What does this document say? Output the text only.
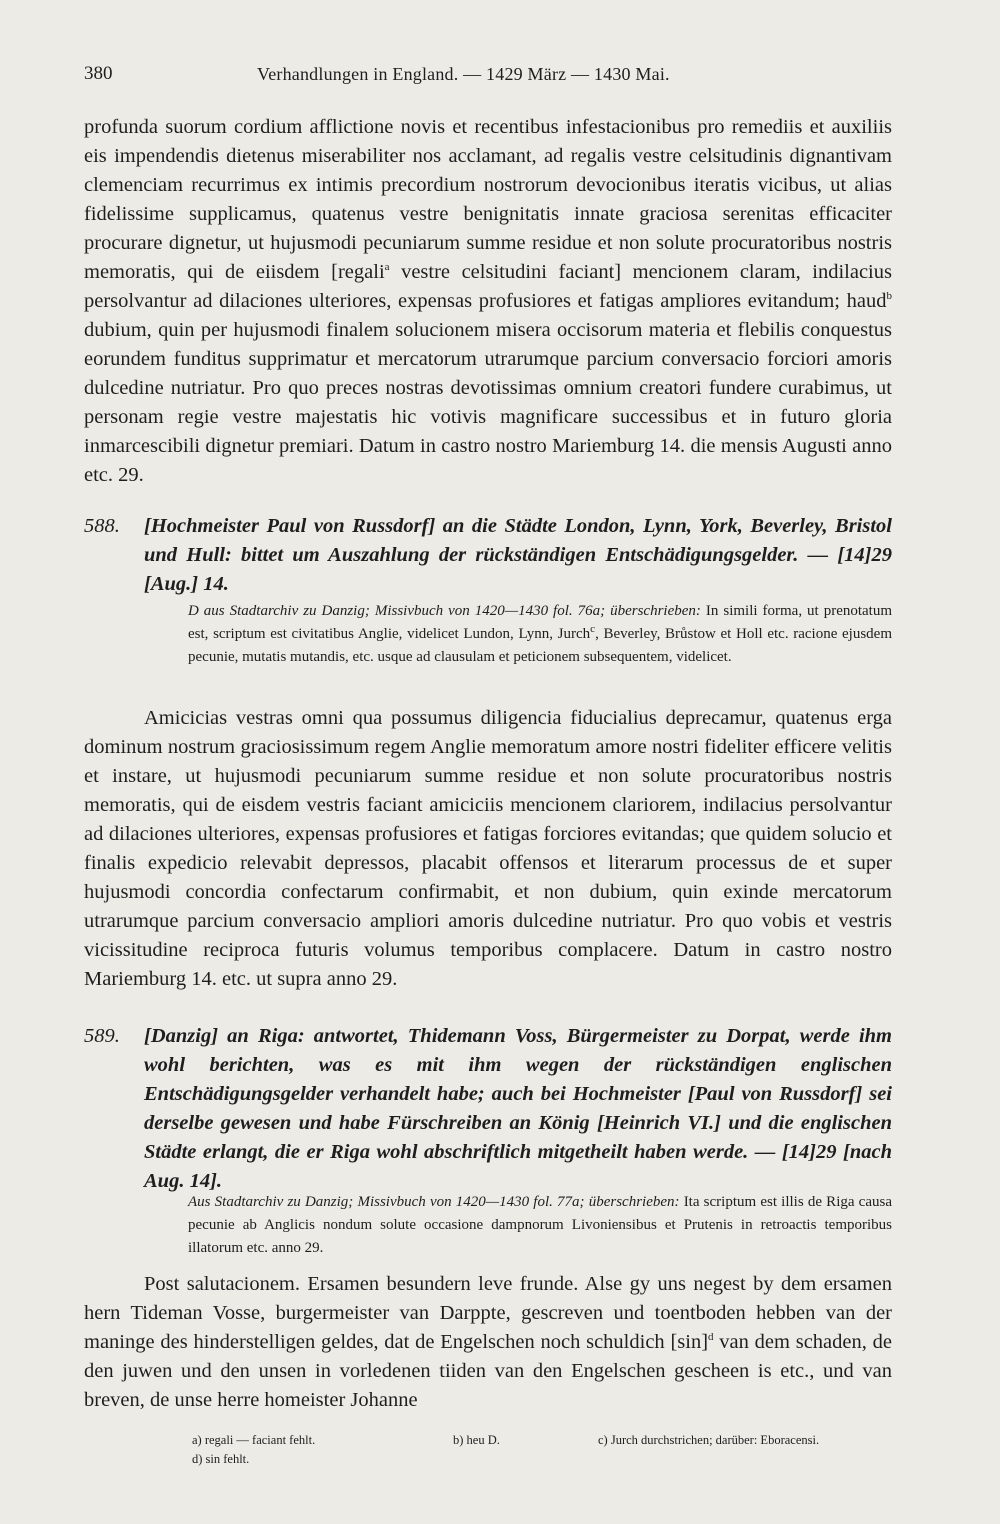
380	Verhandlungen in England. — 1429 März — 1430 Mai.

profunda suorum cordium afflictione novis et recentibus infestacionibus pro remediis et auxiliis eis impendendis dietenus miserabiliter nos acclamant, ad regalis vestre celsitudinis dignantivam clemenciam recurrimus ex intimis precordium nostrorum devocionibus iteratis vicibus, ut alias fidelissime supplicamus, quatenus vestre benignitatis innate graciosa serenitas efficaciter procurare dignetur, ut hujusmodi pecuniarum summe residue et non solute procuratoribus nostris memoratis, qui de eiisdem [regali$^a$ vestre celsitudini faciant] mencionem claram, indilacius persolvantur ad dilaciones ulteriores, expensas profusiores et fatigas ampliores evitandum; haud$^b$ dubium, quin per hujusmodi finalem solucionem misera occisorum materia et flebilis conquestus eorundem funditus supprimatur et mercatorum utrarumque parcium conversacio forciori amoris dulcedine nutriatur. Pro quo preces nostras devotissimas omnium creatori fundere curabimus, ut personam regie vestre majestatis hic votivis magnificare successibus et in futuro gloria inmarcescibili dignetur premiari. Datum in castro nostro Mariemburg 14. die mensis Augusti anno etc. 29.

588. [Hochmeister Paul von Russdorf] an die Städte London, Lynn, York, Beverley, Bristol und Hull: bittet um Auszahlung der rückständigen Entschädigungsgelder. — [14]29 [Aug.] 14.

D aus Stadtarchiv zu Danzig; Missivbuch von 1420—1430 fol. 76a; überschrieben: In simili forma, ut prenotatum est, scriptum est civitatibus Anglie, videlicet Lundon, Lynn, Jurch$^c$, Beverley, Brůstow et Holl etc. racione ejusdem pecunie, mutatis mutandis, etc. usque ad clausulam et peticionem subsequentem, videlicet.

Amicicias vestras omni qua possumus diligencia fiducialius deprecamur, quatenus erga dominum nostrum graciosissimum regem Anglie memoratum amore nostri fideliter efficere velitis et instare, ut hujusmodi pecuniarum summe residue et non solute procuratoribus nostris memoratis, qui de eisdem vestris faciant amiciciis mencionem clariorem, indilacius persolvantur ad dilaciones ulteriores, expensas profusiores et fatigas forciores evitandas; que quidem solucio et finalis expedicio relevabit depressos, placabit offensos et literarum processus de et super hujusmodi concordia confectarum confirmabit, et non dubium, quin exinde mercatorum utrarumque parcium conversacio ampliori amoris dulcedine nutriatur. Pro quo vobis et vestris vicissitudine reciproca futuris volumus temporibus complacere. Datum in castro nostro Mariemburg 14. etc. ut supra anno 29.

589. [Danzig] an Riga: antwortet, Thidemann Voss, Bürgermeister zu Dorpat, werde ihm wohl berichten, was es mit ihm wegen der rückständigen englischen Entschädigungsgelder verhandelt habe; auch bei Hochmeister [Paul von Russdorf] sei derselbe gewesen und habe Fürschreiben an König [Heinrich VI.] und die englischen Städte erlangt, die er Riga wohl abschriftlich mitgetheilt haben werde. — [14]29 [nach Aug. 14].

Aus Stadtarchiv zu Danzig; Missivbuch von 1420—1430 fol. 77a; überschrieben: Ita scriptum est illis de Riga causa pecunie ab Anglicis nondum solute occasione dampnorum Livoniensibus et Prutenis in retroactis temporibus illatorum etc. anno 29.

Post salutacionem. Ersamen besundern leve frunde. Alse gy uns negest by dem ersamen hern Tideman Vosse, burgermeister van Darppte, gescreven und toentboden hebben van der maninge des hinderstelligen geldes, dat de Engelschen noch schuldich $[\sin]^d$ van dem schaden, de den juwen und den unsen in vorledenen tiiden van den Engelschen gescheen is etc., und van breven, de unse herre homeister Johanne

a) regali — faciant fehlt.	b) heu D.	c) Jurch durchstrichen; darüber: Eboracensi.
d) sin fehlt.
